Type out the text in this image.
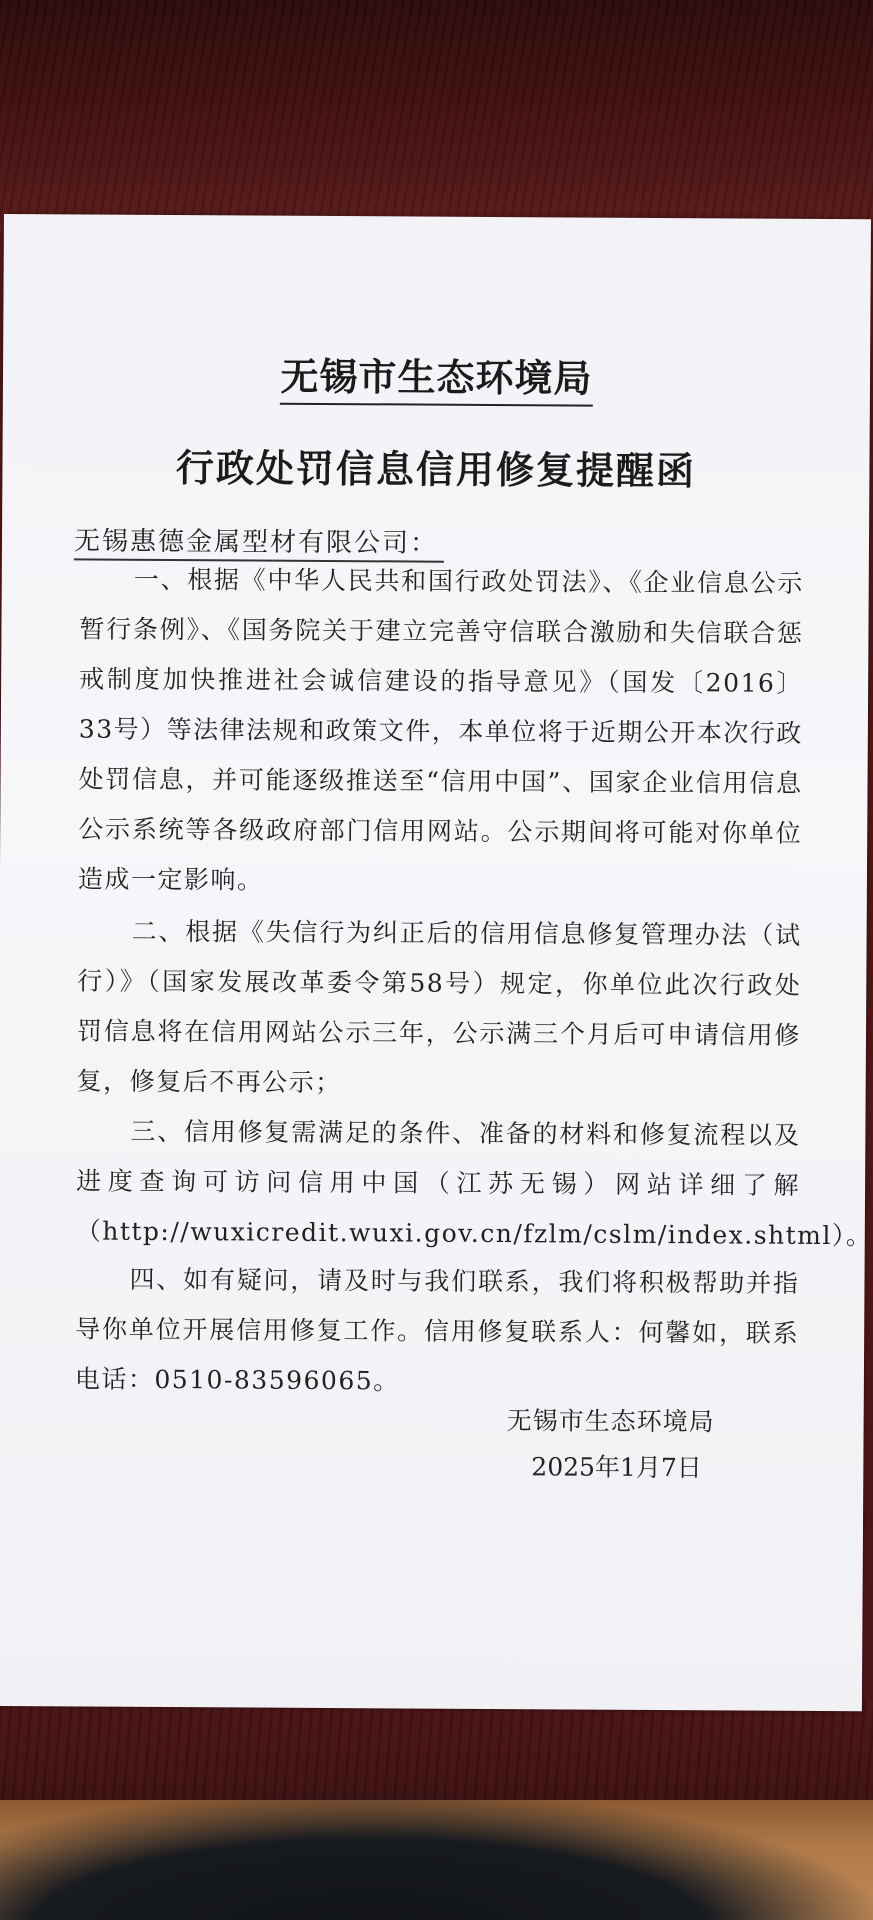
无锡市生态环境局
行政处罚信息信用修复提醒函
无锡惠德金属型材有限公司：
一、根据《中华人民共和国行政处罚法》、《企业信息公示暂行条例》、《国务院关于建立完善守信联合激励和失信联合惩戒制度加快推进社会诚信建设的指导意见》（国发〔2016〕33号）等法律法规和政策文件，本单位将于近期公开本次行政处罚信息，并可能逐级推送至“信用中国”、国家企业信用信息公示系统等各级政府部门信用网站。公示期间将可能对你单位造成一定影响。
二、根据《失信行为纠正后的信用信息修复管理办法（试行）》（国家发展改革委令第58号）规定，你单位此次行政处罚信息将在信用网站公示三年，公示满三个月后可申请信用修复，修复后不再公示；
三、信用修复需满足的条件、准备的材料和修复流程以及进度查询可访问信用中国（江苏无锡）网站详细了解（http://wuxicredit.wuxi.gov.cn/fzlm/cslm/index.shtml）。
四、如有疑问，请及时与我们联系，我们将积极帮助并指导你单位开展信用修复工作。信用修复联系人：何馨如，联系电话：0510-83596065。
无锡市生态环境局
2025年1月7日
